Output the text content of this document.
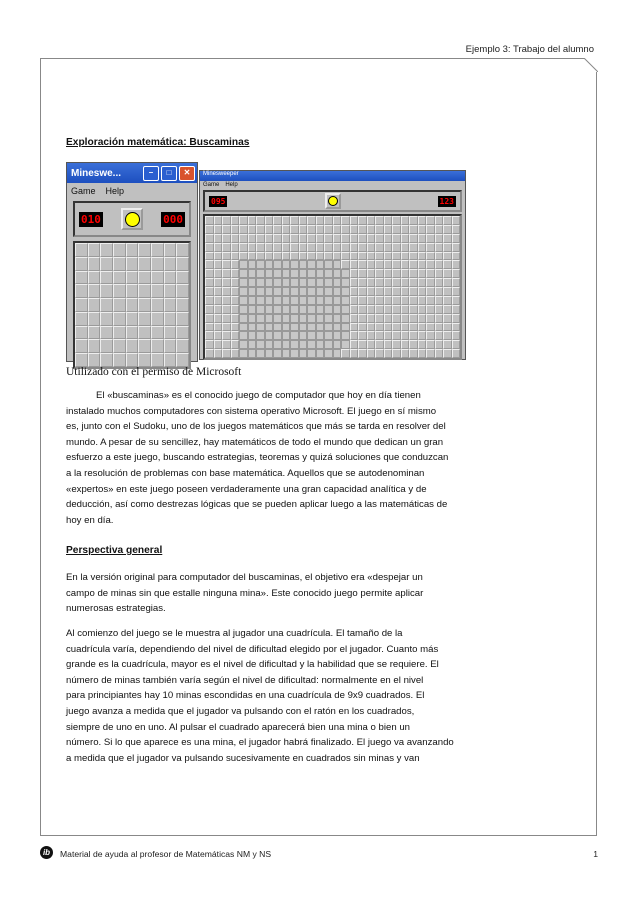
Ejemplo 3: Trabajo del alumno
Exploración matemática: Buscaminas
Mineswe...	–	□	✕
Game Help
010	000
Minesweeper
Game Help
095	123
Utilizado con el permiso de Microsoft

El «buscaminas» es el conocido juego de computador que hoy en día tienen

instalado muchos computadores con sistema operativo Microsoft. El juego en sí mismo

es, junto con el Sudoku, uno de los juegos matemáticos que más se tarda en resolver del

mundo. A pesar de su sencillez, hay matemáticos de todo el mundo que dedican un gran

esfuerzo a este juego, buscando estrategias, teoremas y quizá soluciones que conduzcan

a la resolución de problemas con base matemática. Aquellos que se autodenominan

«expertos» en este juego poseen verdaderamente una gran capacidad analítica y de

deducción, así como destrezas lógicas que se pueden aplicar luego a las matemáticas de

hoy en día.

Perspectiva general

En la versión original para computador del buscaminas, el objetivo era «despejar un

campo de minas sin que estalle ninguna mina». Este conocido juego permite aplicar

numerosas estrategias.

Al comienzo del juego se le muestra al jugador una cuadrícula. El tamaño de la

cuadrícula varía, dependiendo del nivel de dificultad elegido por el jugador. Cuanto más

grande es la cuadrícula, mayor es el nivel de dificultad y la habilidad que se requiere. El

número de minas también varía según el nivel de dificultad: normalmente en el nivel

para principiantes hay 10 minas escondidas en una cuadrícula de 9x9 cuadrados. El

juego avanza a medida que el jugador va pulsando con el ratón en los cuadrados,

siempre de uno en uno. Al pulsar el cuadrado aparecerá bien una mina o bien un

número. Si lo que aparece es una mina, el jugador habrá finalizado. El juego va avanzando

a medida que el jugador va pulsando sucesivamente en cuadrados sin minas y van

ib	Material de ayuda al profesor de Matemáticas NM y NS	1
